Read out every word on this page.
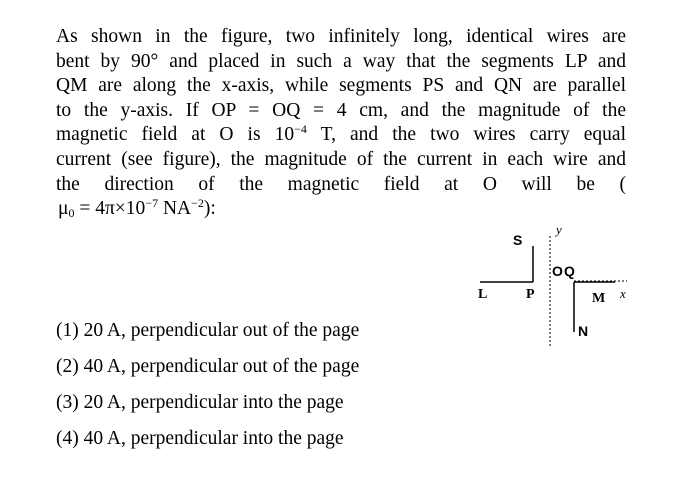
As shown in the figure, two infinitely long, identical wires are
bent by 90° and placed in such a way that the segments LP and
QM are along the x-axis, while segments PS and QN are parallel
to the y-axis. If OP = OQ = 4 cm, and the magnitude of the
magnetic field at O is $10^{-4}$ T, and the two wires carry equal
current (see figure), the magnitude of the current in each wire and
the direction of the magnetic field at O will be (
$\mu_0 = 4\pi\times 10^{-7}$ $NA^{-2}$):
S
y
O Q
L	P	M x
N
(1) 20 A, perpendicular out of the page
(2) 40 A, perpendicular out of the page
(3) 20 A, perpendicular into the page
(4) 40 A, perpendicular into the page
